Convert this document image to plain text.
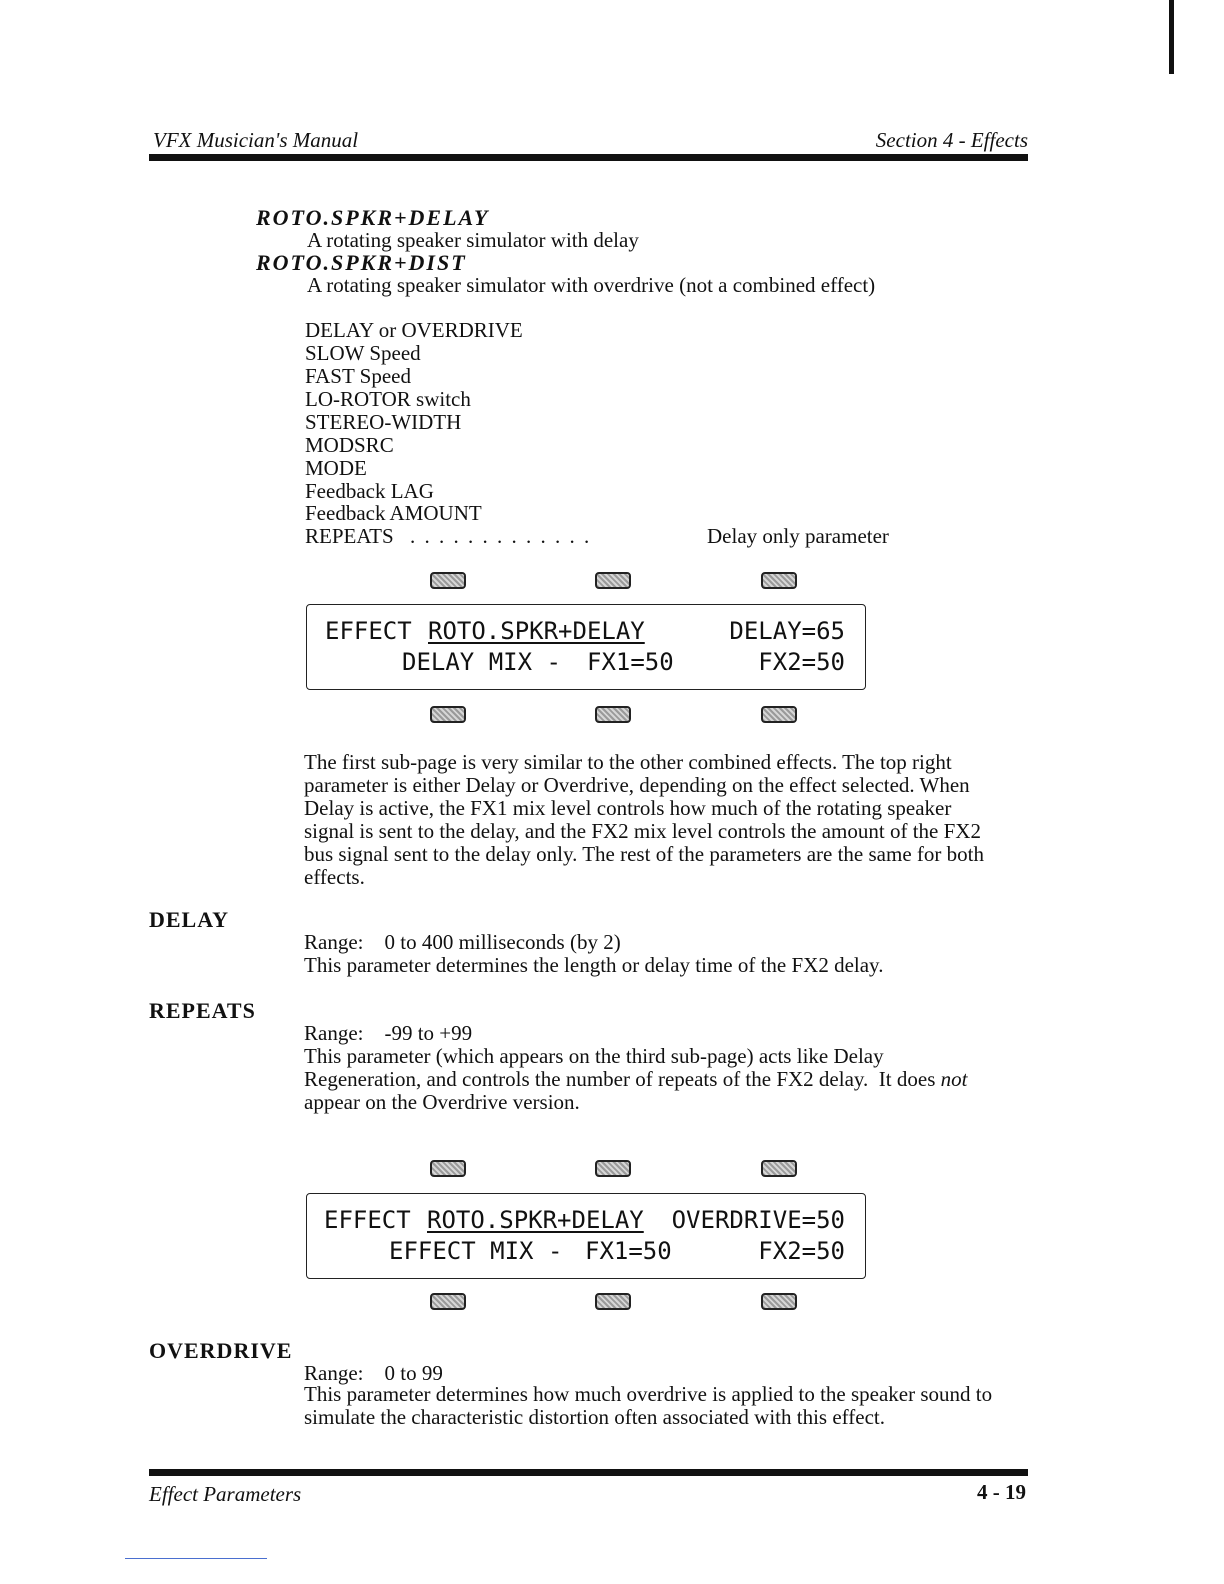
VFX Musician's Manual	Section 4 - Effects
ROTO.SPKR+DELAY
A rotating speaker simulator with delay
ROTO.SPKR+DIST
A rotating speaker simulator with overdrive (not a combined effect)
DELAY or OVERDRIVE
SLOW Speed
FAST Speed
LO-ROTOR switch
STEREO-WIDTH
MODSRC
MODE
Feedback LAG
Feedback AMOUNT
REPEATS . . . . . . . . . . . . .	Delay only parameter
EFFECT ROTO.SPKR+DELAY	DELAY=65
DELAY MIX - FX1=50	FX2=50
The first sub-page is very similar to the other combined effects. The top right
parameter is either Delay or Overdrive, depending on the effect selected. When
Delay is active, the FX1 mix level controls how much of the rotating speaker
signal is sent to the delay, and the FX2 mix level controls the amount of the FX2
bus signal sent to the delay only. The rest of the parameters are the same for both
effects.
DELAY
Range:    0 to 400 milliseconds (by 2)
This parameter determines the length or delay time of the FX2 delay.
REPEATS
Range:    -99 to +99
This parameter (which appears on the third sub-page) acts like Delay
Regeneration, and controls the number of repeats of the FX2 delay.  It does not
appear on the Overdrive version.
EFFECT ROTO.SPKR+DELAY OVERDRIVE=50
EFFECT MIX - FX1=50	FX2=50
OVERDRIVE
Range:    0 to 99
This parameter determines how much overdrive is applied to the speaker sound to
simulate the characteristic distortion often associated with this effect.
Effect Parameters	4 - 19
